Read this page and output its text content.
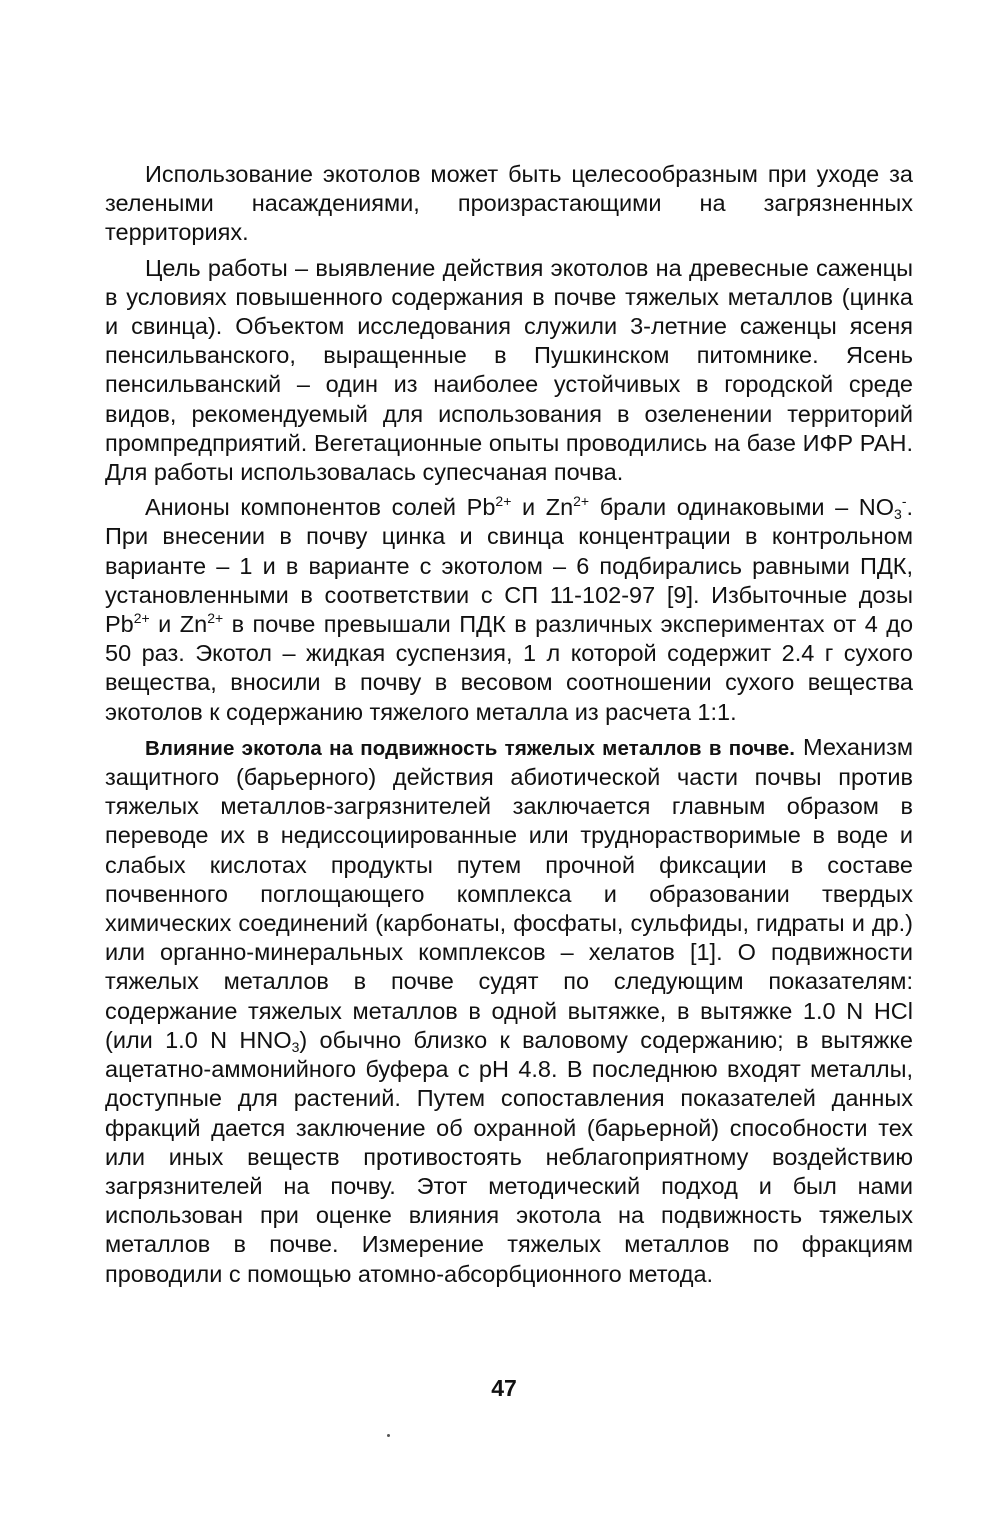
Использование экотолов может быть целесообразным при уходе за зелеными насаждениями, произрастающими на загрязненных территориях.

Цель работы – выявление действия экотолов на древесные саженцы в условиях повышенного содержания в почве тяжелых металлов (цинка и свинца). Объектом исследования служили 3-летние саженцы ясеня пенсильванского, выращенные в Пушкинском питомнике. Ясень пенсильванский – один из наиболее устойчивых в городской среде видов, рекомендуемый для использования в озеленении территорий промпредприятий. Вегетационные опыты проводились на базе ИФР РАН. Для работы использовалась супесчаная почва.

Анионы компонентов солей $Pb^{2+}$ и $Zn^{2+}$ брали одинаковыми – $NO_3^-$. При внесении в почву цинка и свинца концентрации в контрольном варианте – 1 и в варианте с экотолом – 6 подбирались равными ПДК, установленными в соответствии с СП 11-102-97 [9]. Избыточные дозы $Pb^{2+}$ и $Zn^{2+}$ в почве превышали ПДК в различных экспериментах от 4 до 50 раз. Экотол – жидкая суспензия, 1 л которой содержит 2.4 г сухого вещества, вносили в почву в весовом соотношении сухого вещества экотолов к содержанию тяжелого металла из расчета 1:1.

Влияние экотола на подвижность тяжелых металлов в почве. Механизм защитного (барьерного) действия абиотической части почвы против тяжелых металлов-загрязнителей заключается главным образом в переводе их в недиссоциированные или труднорастворимые в воде и слабых кислотах продукты путем прочной фиксации в составе почвенного поглощающего комплекса и образовании твердых химических соединений (карбонаты, фосфаты, сульфиды, гидраты и др.) или органно-минеральных комплексов – хелатов [1]. О подвижности тяжелых металлов в почве судят по следующим показателям: содержание тяжелых металлов в одной вытяжке, в вытяжке 1.0 N HCl (или 1.0 N $HNO_3$) обычно близко к валовому содержанию; в вытяжке ацетатно-аммонийного буфера с рН 4.8. В последнюю входят металлы, доступные для растений. Путем сопоставления показателей данных фракций дается заключение об охранной (барьерной) способности тех или иных веществ противостоять неблагоприятному воздействию загрязнителей на почву. Этот методический подход и был нами использован при оценке влияния экотола на подвижность тяжелых металлов в почве. Измерение тяжелых металлов по фракциям проводили с помощью атомно-абсорбционного метода.

47
